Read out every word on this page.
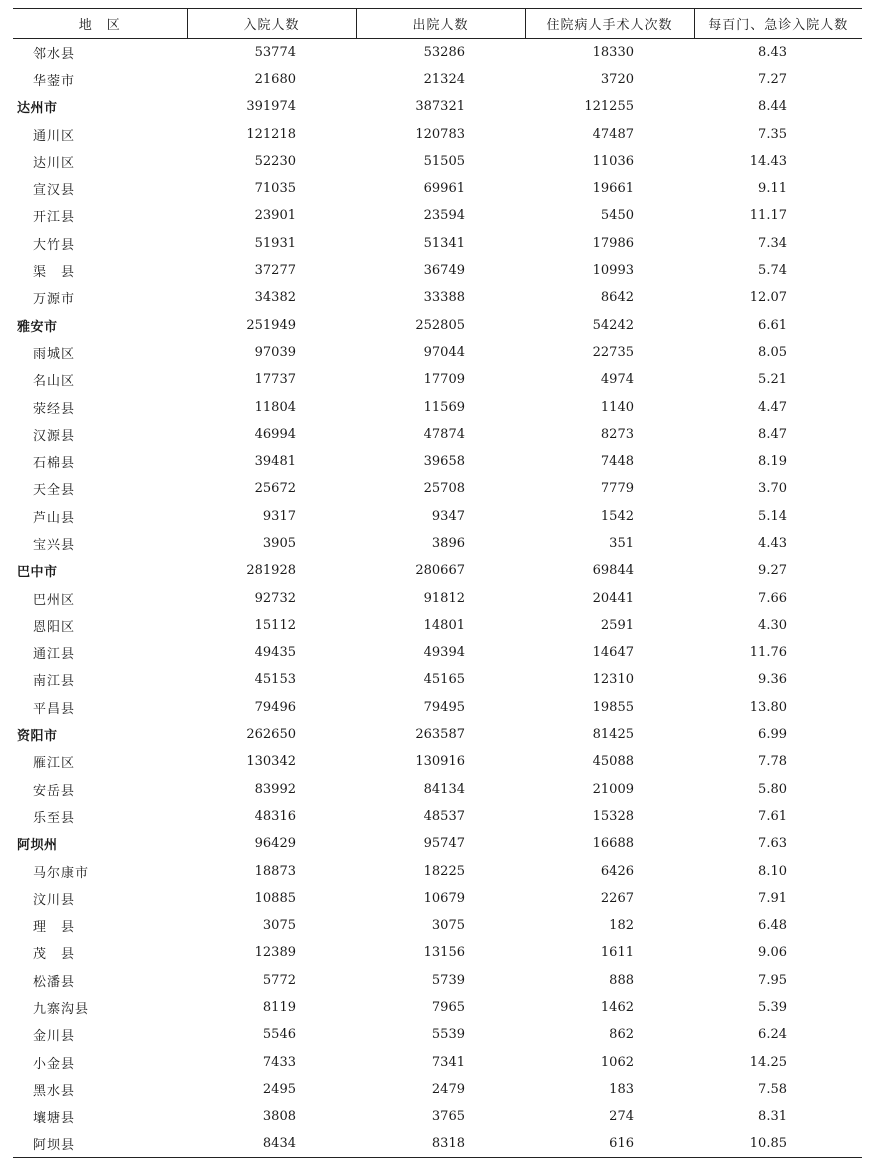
地　区	入院人数	出院人数	住院病人手术人次数	每百门、急诊入院人数
邻水县	53774	53286	18330	8.43
华蓥市	21680	21324	3720	7.27
达州市	391974	387321	121255	8.44
通川区	121218	120783	47487	7.35
达川区	52230	51505	11036	14.43
宣汉县	71035	69961	19661	9.11
开江县	23901	23594	5450	11.17
大竹县	51931	51341	17986	7.34
渠　县	37277	36749	10993	5.74
万源市	34382	33388	8642	12.07
雅安市	251949	252805	54242	6.61
雨城区	97039	97044	22735	8.05
名山区	17737	17709	4974	5.21
荥经县	11804	11569	1140	4.47
汉源县	46994	47874	8273	8.47
石棉县	39481	39658	7448	8.19
天全县	25672	25708	7779	3.70
芦山县	9317	9347	1542	5.14
宝兴县	3905	3896	351	4.43
巴中市	281928	280667	69844	9.27
巴州区	92732	91812	20441	7.66
恩阳区	15112	14801	2591	4.30
通江县	49435	49394	14647	11.76
南江县	45153	45165	12310	9.36
平昌县	79496	79495	19855	13.80
资阳市	262650	263587	81425	6.99
雁江区	130342	130916	45088	7.78
安岳县	83992	84134	21009	5.80
乐至县	48316	48537	15328	7.61
阿坝州	96429	95747	16688	7.63
马尔康市	18873	18225	6426	8.10
汶川县	10885	10679	2267	7.91
理　县	3075	3075	182	6.48
茂　县	12389	13156	1611	9.06
松潘县	5772	5739	888	7.95
九寨沟县	8119	7965	1462	5.39
金川县	5546	5539	862	6.24
小金县	7433	7341	1062	14.25
黑水县	2495	2479	183	7.58
壤塘县	3808	3765	274	8.31
阿坝县	8434	8318	616	10.85
